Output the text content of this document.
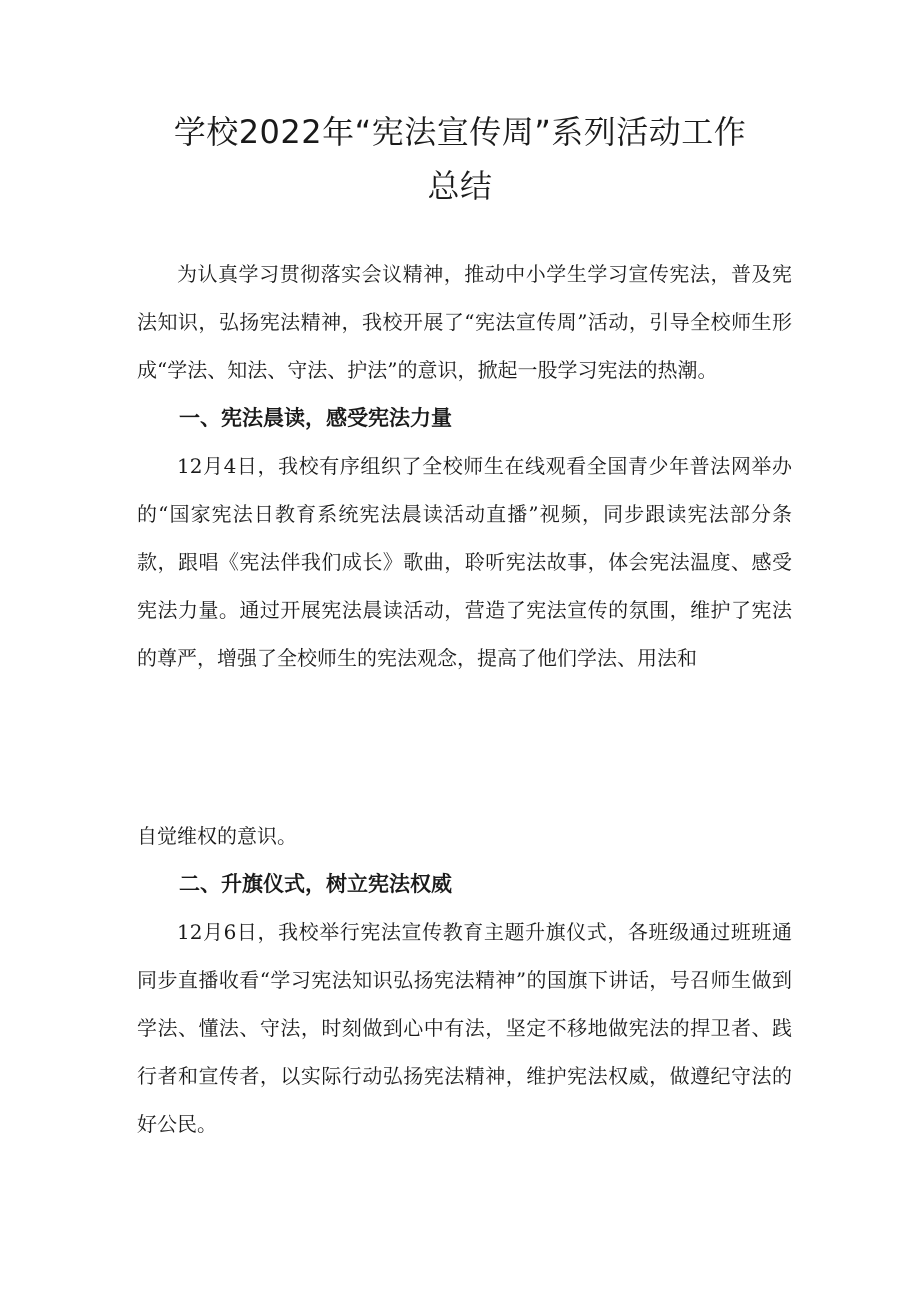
学校2022年“宪法宣传周”系列活动工作
总结

为认真学习贯彻落实会议精神，推动中小学生学习宣传宪法，普及宪法知识，弘扬宪法精神，我校开展了“宪法宣传周”活动，引导全校师生形成“学法、知法、守法、护法”的意识，掀起一股学习宪法的热潮。

一、宪法晨读，感受宪法力量

12月4日，我校有序组织了全校师生在线观看全国青少年普法网举办的“国家宪法日教育系统宪法晨读活动直播”视频，同步跟读宪法部分条款，跟唱《宪法伴我们成长》歌曲，聆听宪法故事，体会宪法温度、感受宪法力量。通过开展宪法晨读活动，营造了宪法宣传的氛围，维护了宪法的尊严，增强了全校师生的宪法观念，提高了他们学法、用法和

自觉维权的意识。

二、升旗仪式，树立宪法权威

12月6日，我校举行宪法宣传教育主题升旗仪式，各班级通过班班通同步直播收看“学习宪法知识弘扬宪法精神”的国旗下讲话，号召师生做到学法、懂法、守法，时刻做到心中有法，坚定不移地做宪法的捍卫者、践行者和宣传者，以实际行动弘扬宪法精神，维护宪法权威，做遵纪守法的好公民。
